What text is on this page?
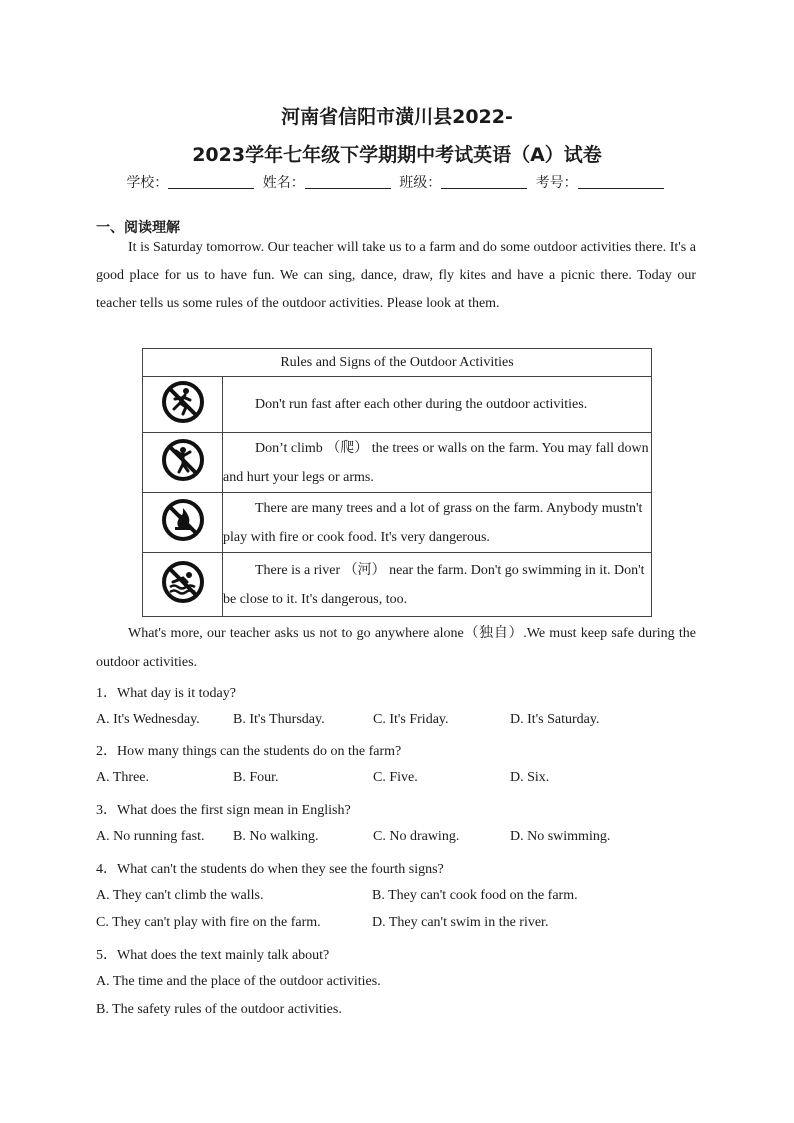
河南省信阳市潢川县2022-
2023学年七年级下学期期中考试英语（A）试卷
学校：	姓名：	班级：	考号：
一、阅读理解
It is Saturday tomorrow. Our teacher will take us to a farm and do some outdoor activities there. It's a good place for us to have fun. We can sing, dance, draw, fly kites and have a picnic there. Today our teacher tells us some rules of the outdoor activities. Please look at them.
Rules and Signs of the Outdoor Activities	
	Don't run fast after each other during the outdoor activities.
	Don’t climb （爬） the trees or walls on the farm. You may fall down and hurt your legs or arms.
	There are many trees and a lot of grass on the farm. Anybody mustn't play with fire or cook food. It's very dangerous.
	There is a river （河） near the farm. Don't go swimming in it. Don't be close to it. It's dangerous, too.
What's more, our teacher asks us not to go anywhere alone（独自）.We must keep safe during the outdoor activities.
1．What day is it today?
A. It's Wednesday. B. It's Thursday.	C. It's Friday.	D. It's Saturday.
2．How many things can the students do on the farm?
A. Three.	B. Four.	C. Five.	D. Six.
3．What does the first sign mean in English?
A. No running fast. B. No walking.	C. No drawing.	D. No swimming.
4．What can't the students do when they see the fourth signs?
A. They can't climb the walls.	B. They can't cook food on the farm.
C. They can't play with fire on the farm.	D. They can't swim in the river.
5．What does the text mainly talk about?
A. The time and the place of the outdoor activities.
B. The safety rules of the outdoor activities.
